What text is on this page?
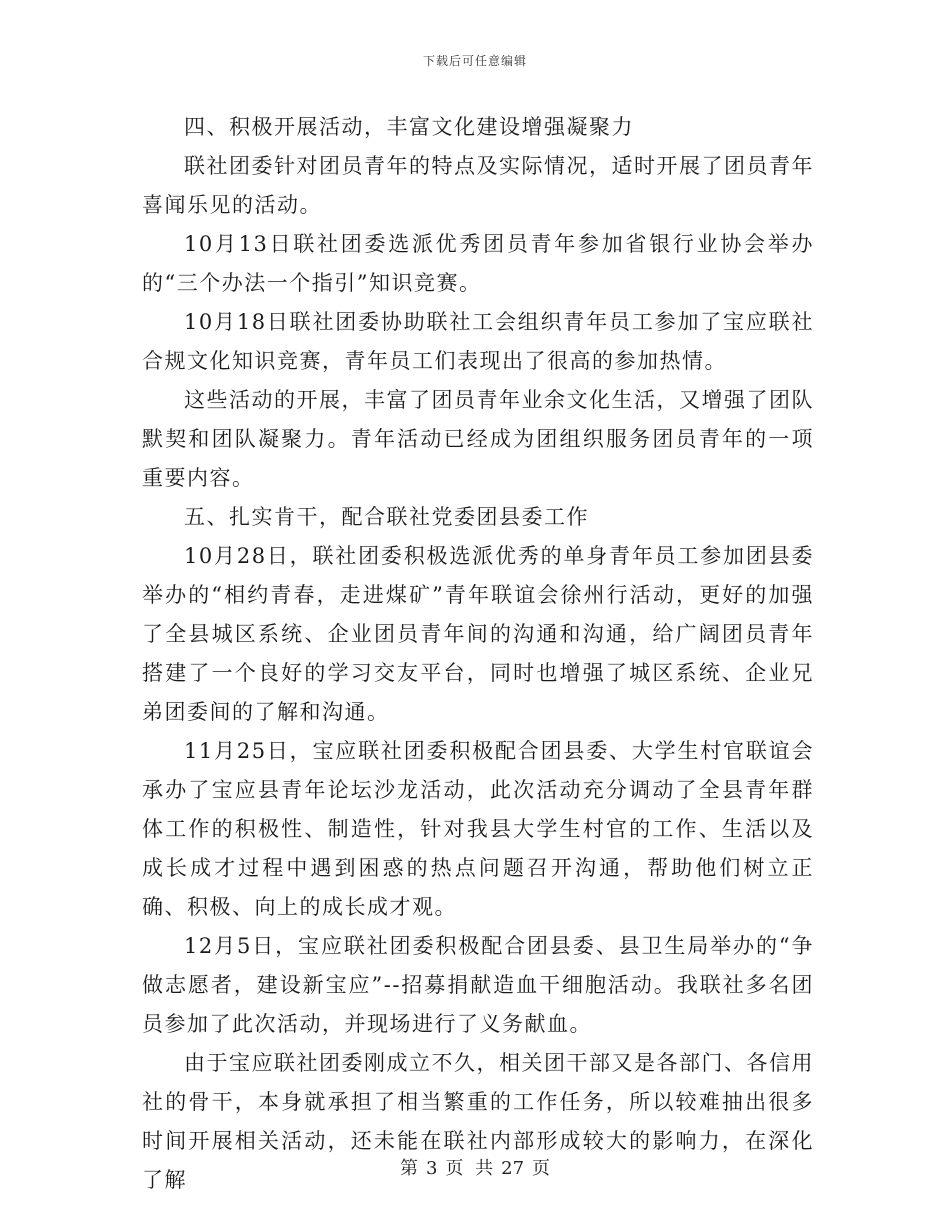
下载后可任意编辑

四、积极开展活动，丰富文化建设增强凝聚力

联社团委针对团员青年的特点及实际情况，适时开展了团员青年喜闻乐见的活动。

10月13日联社团委选派优秀团员青年参加省银行业协会举办的“三个办法一个指引”知识竞赛。

10月18日联社团委协助联社工会组织青年员工参加了宝应联社合规文化知识竞赛，青年员工们表现出了很高的参加热情。

这些活动的开展，丰富了团员青年业余文化生活，又增强了团队默契和团队凝聚力。青年活动已经成为团组织服务团员青年的一项重要内容。

五、扎实肯干，配合联社党委团县委工作

10月28日，联社团委积极选派优秀的单身青年员工参加团县委举办的“相约青春，走进煤矿”青年联谊会徐州行活动，更好的加强了全县城区系统、企业团员青年间的沟通和沟通，给广阔团员青年搭建了一个良好的学习交友平台，同时也增强了城区系统、企业兄弟团委间的了解和沟通。

11月25日，宝应联社团委积极配合团县委、大学生村官联谊会承办了宝应县青年论坛沙龙活动，此次活动充分调动了全县青年群体工作的积极性、制造性，针对我县大学生村官的工作、生活以及成长成才过程中遇到困惑的热点问题召开沟通，帮助他们树立正确、积极、向上的成长成才观。

12月5日，宝应联社团委积极配合团县委、县卫生局举办的“争做志愿者，建设新宝应”--招募捐献造血干细胞活动。我联社多名团员参加了此次活动，并现场进行了义务献血。

由于宝应联社团委刚成立不久，相关团干部又是各部门、各信用社的骨干，本身就承担了相当繁重的工作任务，所以较难抽出很多时间开展相关活动，还未能在联社内部形成较大的影响力，在深化了解	第 3 页 共 27 页
